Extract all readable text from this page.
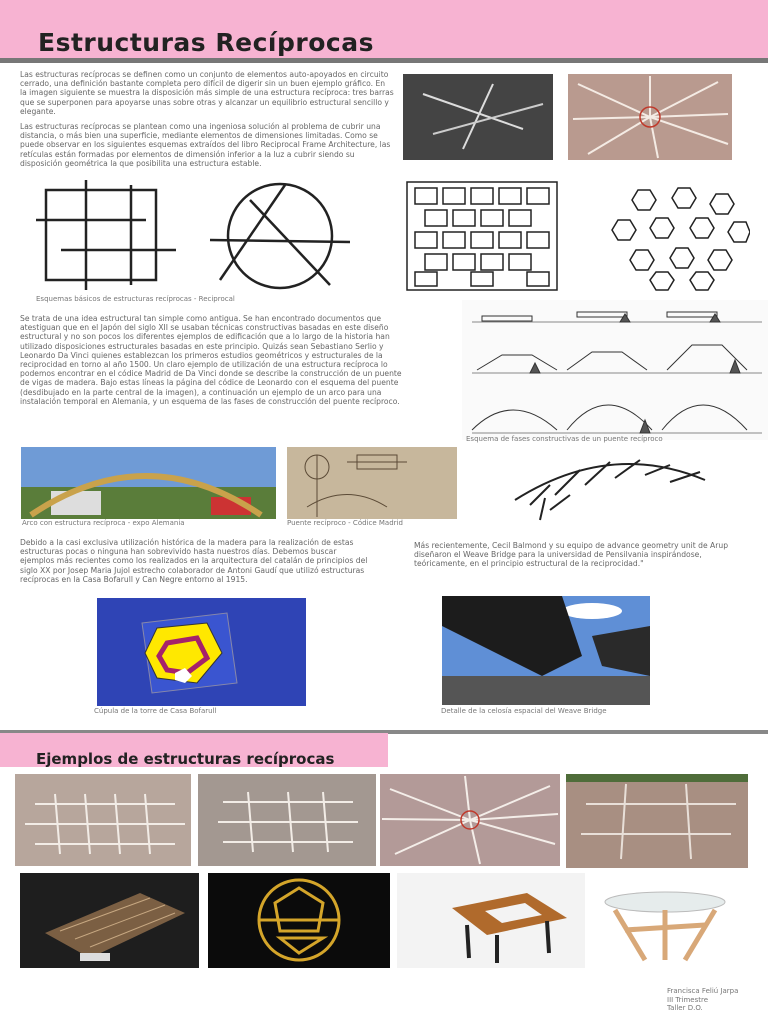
Estructuras Recíprocas
Las estructuras recíprocas se definen como un conjunto de elementos auto-apoyados en circuito cerrado, una definición bastante completa pero difícil de digerir sin un buen ejemplo gráfico. En la imagen siguiente se muestra la disposición más simple de una estructura recíproca: tres barras que se superponen para apoyarse unas sobre otras y alcanzar un equilibrio estructural sencillo y elegante.
Las estructuras recíprocas se plantean como una ingeniosa solución al problema de cubrir una distancia, o más bien una superficie, mediante elementos de dimensiones limitadas. Como se puede observar en los siguientes esquemas extraídos del libro Reciprocal Frame Architecture, las retículas están formadas por elementos de dimensión inferior a la luz a cubrir siendo su disposición geométrica la que posibilita una estructura estable.
Esquemas básicos de estructuras recíprocas - Reciprocal
Se trata de una idea estructural tan simple como antigua. Se han encontrado documentos que atestiguan que en el Japón del siglo XII se usaban técnicas constructivas basadas en este diseño estructural y no son pocos los diferentes ejemplos de edificación que a lo largo de la historia han utilizado disposiciones estructurales basadas en este principio. Quizás sean Sebastiano Serlio y Leonardo Da Vinci quienes establezcan los primeros estudios geométricos y estructurales de la reciprocidad en torno al año 1500. Un claro ejemplo de utilización de una estructura recíproca lo podemos encontrar en el códice Madrid de Da Vinci donde se describe la construcción de un puente de vigas de madera. Bajo estas líneas la página del códice de Leonardo con el esquema del puente (desdibujado en la parte central de la imagen), a continuación un ejemplo de un arco para una instalación temporal en Alemania, y un esquema de las fases de construcción del puente recíproco.
Esquema de fases constructivas de un puente recíproco
Arco con estructura recíproca - expo Alemania	Puente recíproco - Códice Madrid
Debido a la casi exclusiva utilización histórica de la madera para la realización de estas estructuras pocas o ninguna han sobrevivido hasta nuestros días. Debemos buscar ejemplos más recientes como los realizados en la arquitectura del catalán de principios del siglo XX por Josep Maria Jujol estrecho colaborador de Antoni Gaudí que utilizó estructuras recíprocas en la Casa Bofarull y Can Negre entorno al 1915.
Más recientemente, Cecil Balmond y su equipo de advance geometry unit de Arup diseñaron el Weave Bridge para la universidad de Pensilvania inspirándose, teóricamente, en el principio estructural de la reciprocidad."
Cúpula de la torre de Casa Bofarull	Detalle de la celosía espacial del Weave Bridge
Ejemplos de estructuras recíprocas
Francisca Feliú Jarpa
III Trimestre
Taller D.O.
